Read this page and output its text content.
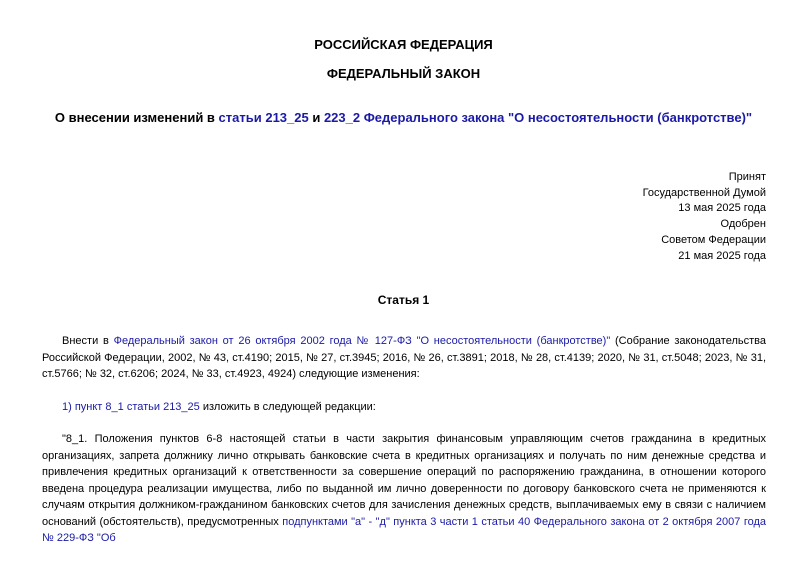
РОССИЙСКАЯ ФЕДЕРАЦИЯ
ФЕДЕРАЛЬНЫЙ ЗАКОН
О внесении изменений в статьи 213_25 и 223_2 Федерального закона "О несостоятельности (банкротстве)"
Принят
Государственной Думой
13 мая 2025 года
Одобрен
Советом Федерации
21 мая 2025 года
Статья 1
Внести в Федеральный закон от 26 октября 2002 года № 127-ФЗ "О несостоятельности (банкротстве)" (Собрание законодательства Российской Федерации, 2002, № 43, ст.4190; 2015, № 27, ст.3945; 2016, № 26, ст.3891; 2018, № 28, ст.4139; 2020, № 31, ст.5048; 2023, № 31, ст.5766; № 32, ст.6206; 2024, № 33, ст.4923, 4924) следующие изменения:
1) пункт 8_1 статьи 213_25 изложить в следующей редакции:
"8_1. Положения пунктов 6-8 настоящей статьи в части закрытия финансовым управляющим счетов гражданина в кредитных организациях, запрета должнику лично открывать банковские счета в кредитных организациях и получать по ним денежные средства и привлечения кредитных организаций к ответственности за совершение операций по распоряжению гражданина, в отношении которого введена процедура реализации имущества, либо по выданной им лично доверенности по договору банковского счета не применяются к случаям открытия должником-гражданином банковских счетов для зачисления денежных средств, выплачиваемых ему в связи с наличием оснований (обстоятельств), предусмотренных подпунктами "а" - "д" пункта 3 части 1 статьи 40 Федерального закона от 2 октября 2007 года № 229-ФЗ "Об
